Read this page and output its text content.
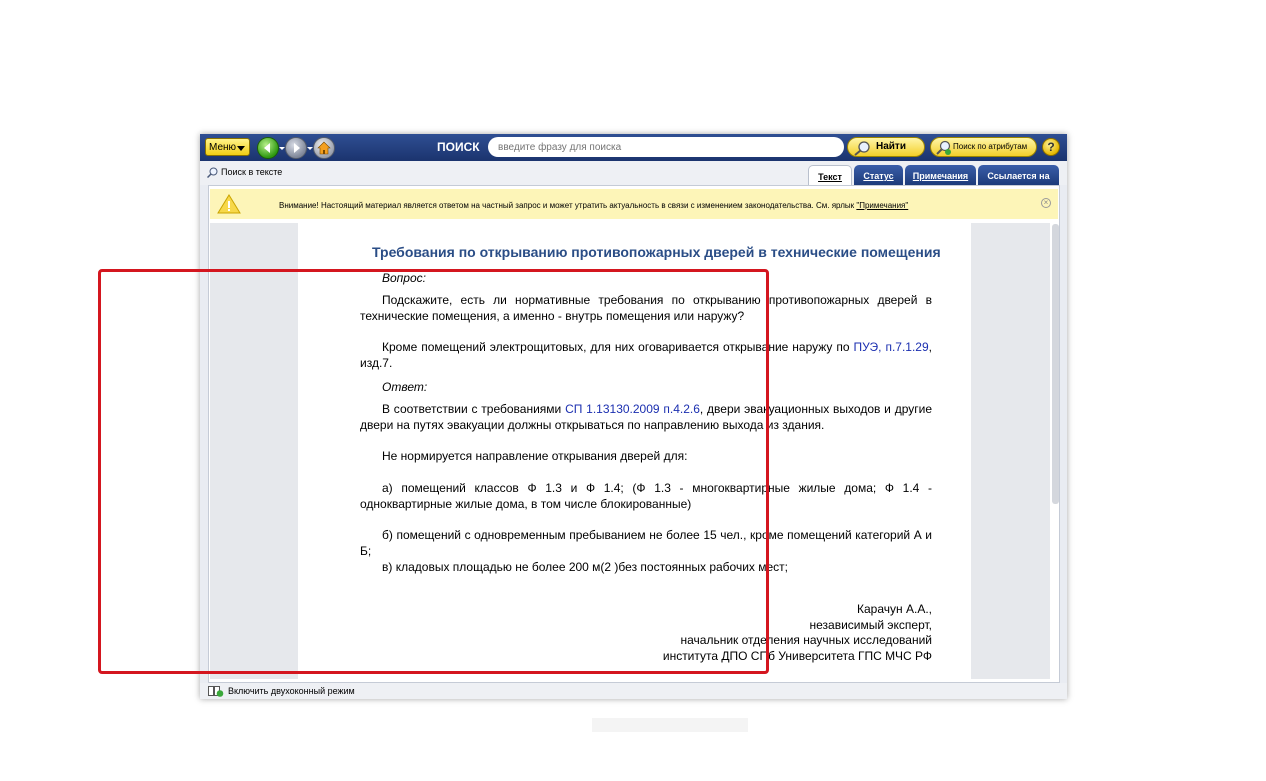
Меню	ПОИСК
введите фразу для поиска	Найти	Поиск по атрибутам	?
Поиск в тексте	Текст	Статус	Примечания	Ссылается на
Внимание! Настоящий материал является ответом на частный запрос и может утратить актуальность в связи с изменением законодательства. См. ярлык "Примечания"	×
Требования по открыванию противопожарных дверей в технические помещения
Включить двухоконный режим
Вопрос:
Подскажите, есть ли нормативные требования по открыванию противопожарных дверей в технические помещения, а именно - внутрь помещения или наружу?
Кроме помещений электрощитовых, для них оговаривается открывание наружу по ПУЭ, п.7.1.29, изд.7.
Ответ:
В соответствии с требованиями СП 1.13130.2009 п.4.2.6, двери эвакуационных выходов и другие двери на путях эвакуации должны открываться по направлению выхода из здания.
Не нормируется направление открывания дверей для:
а) помещений классов Ф 1.3 и Ф 1.4; (Ф 1.3 - многоквартирные жилые дома; Ф 1.4 - одноквартирные жилые дома, в том числе блокированные)
б) помещений с одновременным пребыванием не более 15 чел., кроме помещений категорий А и Б;
в) кладовых площадью не более 200 м(2 )без постоянных рабочих мест;
Карачун А.А.,
независимый эксперт,
начальник отделения научных исследований
института ДПО СПб Университета ГПС МЧС РФ
